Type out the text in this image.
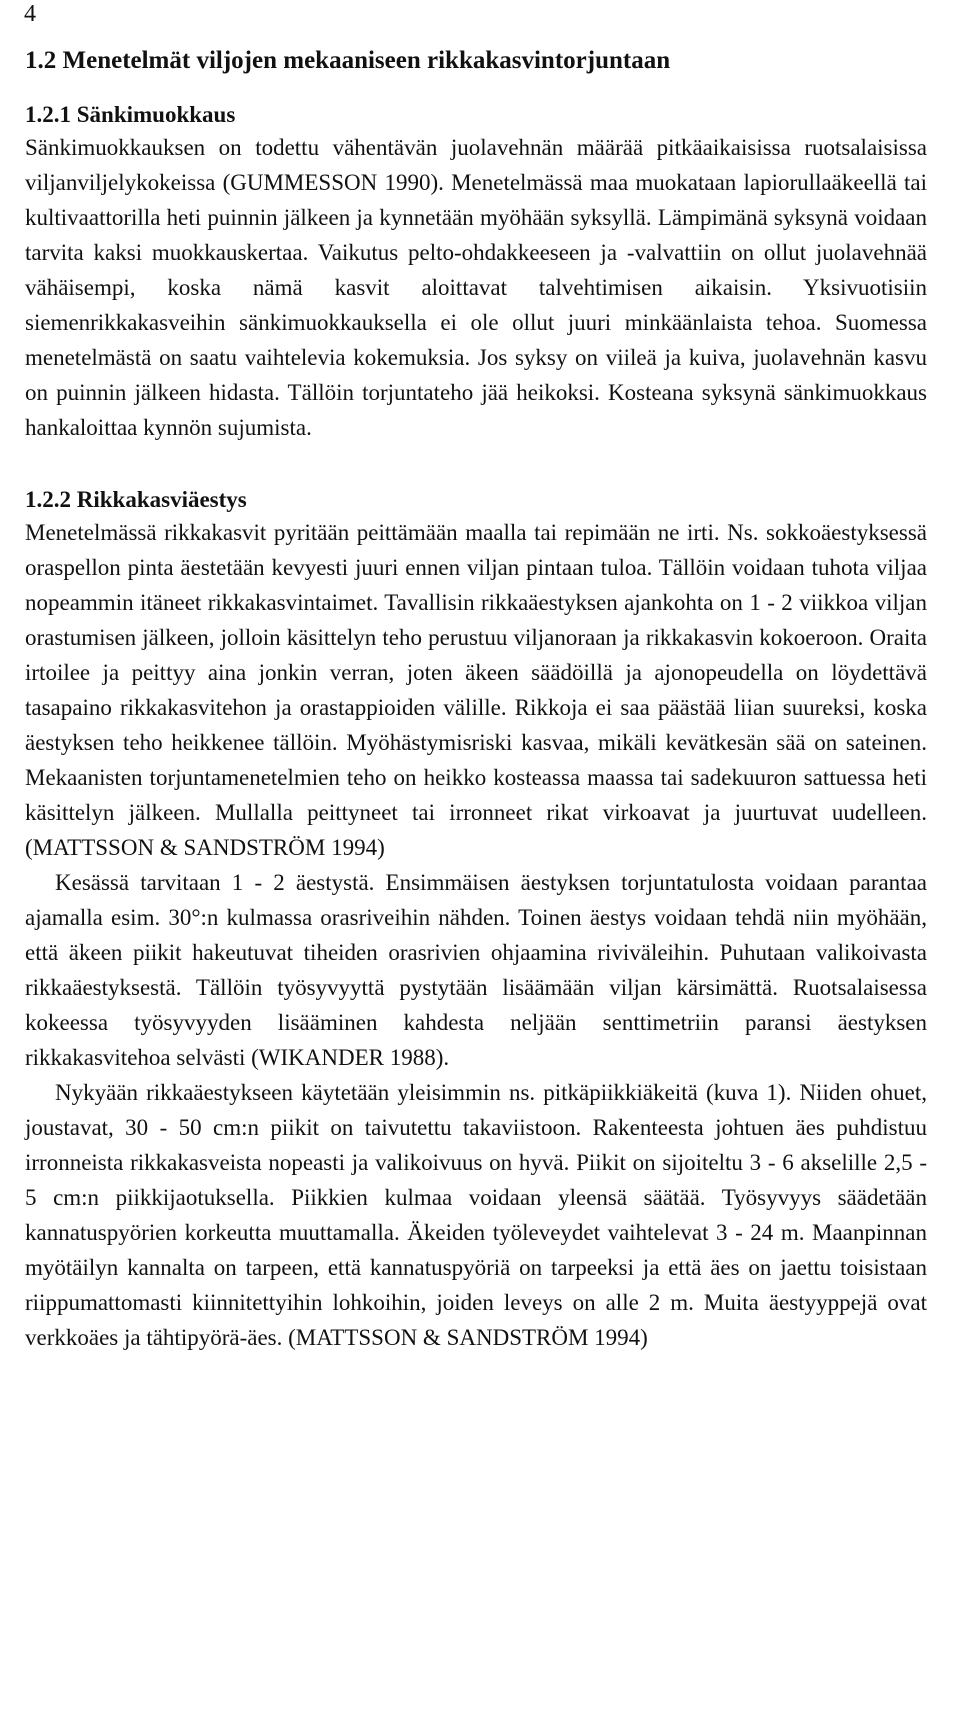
4
1.2 Menetelmät viljojen mekaaniseen rikkakasvintorjuntaan
1.2.1 Sänkimuokkaus

Sänkimuokkauksen on todettu vähentävän juolavehnän määrää pitkäaikaisissa ruotsalaisissa viljanviljelykokeissa (GUMMESSON 1990). Menetelmässä maa muokataan lapiorullaäkeellä tai kultivaattorilla heti puinnin jälkeen ja kynnetään myöhään syksyllä. Lämpimänä syksynä voidaan tarvita kaksi muokkauskertaa. Vaikutus pelto-ohdakkeeseen ja -valvattiin on ollut juolavehnää vähäisempi, koska nämä kasvit aloittavat talvehtimisen aikaisin. Yksivuotisiin siemenrikkakasveihin sänkimuokkauksella ei ole ollut juuri minkäänlaista tehoa. Suomessa menetelmästä on saatu vaihtelevia kokemuksia. Jos syksy on viileä ja kuiva, juolavehnän kasvu on puinnin jälkeen hidasta. Tällöin torjuntateho jää heikoksi. Kosteana syksynä sänkimuokkaus hankaloittaa kynnön sujumista.

1.2.2 Rikkakasviäestys

Menetelmässä rikkakasvit pyritään peittämään maalla tai repimään ne irti. Ns. sokkoäestyksessä oraspellon pinta äestetään kevyesti juuri ennen viljan pintaan tuloa. Tällöin voidaan tuhota viljaa nopeammin itäneet rikkakasvintaimet. Tavallisin rikkaäestyksen ajankohta on 1 - 2 viikkoa viljan orastumisen jälkeen, jolloin käsittelyn teho perustuu viljanoraan ja rikkakasvin kokoeroon. Oraita irtoilee ja peittyy aina jonkin verran, joten äkeen säädöillä ja ajonopeudella on löydettävä tasapaino rikkakasvitehon ja orastappioiden välille. Rikkoja ei saa päästää liian suureksi, koska äestyksen teho heikkenee tällöin. Myöhästymisriski kasvaa, mikäli kevätkesän sää on sateinen. Mekaanisten torjuntamenetelmien teho on heikko kosteassa maassa tai sadekuuron sattuessa heti käsittelyn jälkeen. Mullalla peittyneet tai irronneet rikat virkoavat ja juurtuvat uudelleen. (MATTSSON & SANDSTRÖM 1994)

Kesässä tarvitaan 1 - 2 äestystä. Ensimmäisen äestyksen torjuntatulosta voidaan parantaa ajamalla esim. 30°:n kulmassa orasriveihin nähden. Toinen äestys voidaan tehdä niin myöhään, että äkeen piikit hakeutuvat tiheiden orasrivien ohjaamina riviväleihin. Puhutaan valikoivasta rikkaäestyksestä. Tällöin työsyvyyttä pystytään lisäämään viljan kärsimättä. Ruotsalaisessa kokeessa työsyvyyden lisääminen kahdesta neljään senttimetriin paransi äestyksen rikkakasvitehoa selvästi (WIKANDER 1988).

Nykyään rikkaäestykseen käytetään yleisimmin ns. pitkäpiikkiäkeitä (kuva 1). Niiden ohuet, joustavat, 30 - 50 cm:n piikit on taivutettu takaviistoon. Rakenteesta johtuen äes puhdistuu irronneista rikkakasveista nopeasti ja valikoivuus on hyvä. Piikit on sijoiteltu 3 - 6 akselille 2,5 - 5 cm:n piikkijaotuksella. Piikkien kulmaa voidaan yleensä säätää. Työsyvyys säädetään kannatuspyörien korkeutta muuttamalla. Äkeiden työleveydet vaihtelevat 3 - 24 m. Maanpinnan myötäilyn kannalta on tarpeen, että kannatuspyöriä on tarpeeksi ja että äes on jaettu toisistaan riippumattomasti kiinnitettyihin lohkoihin, joiden leveys on alle 2 m. Muita äestyyppejä ovat verkkoäes ja tähtipyörä-äes. (MATTSSON & SANDSTRÖM 1994)
